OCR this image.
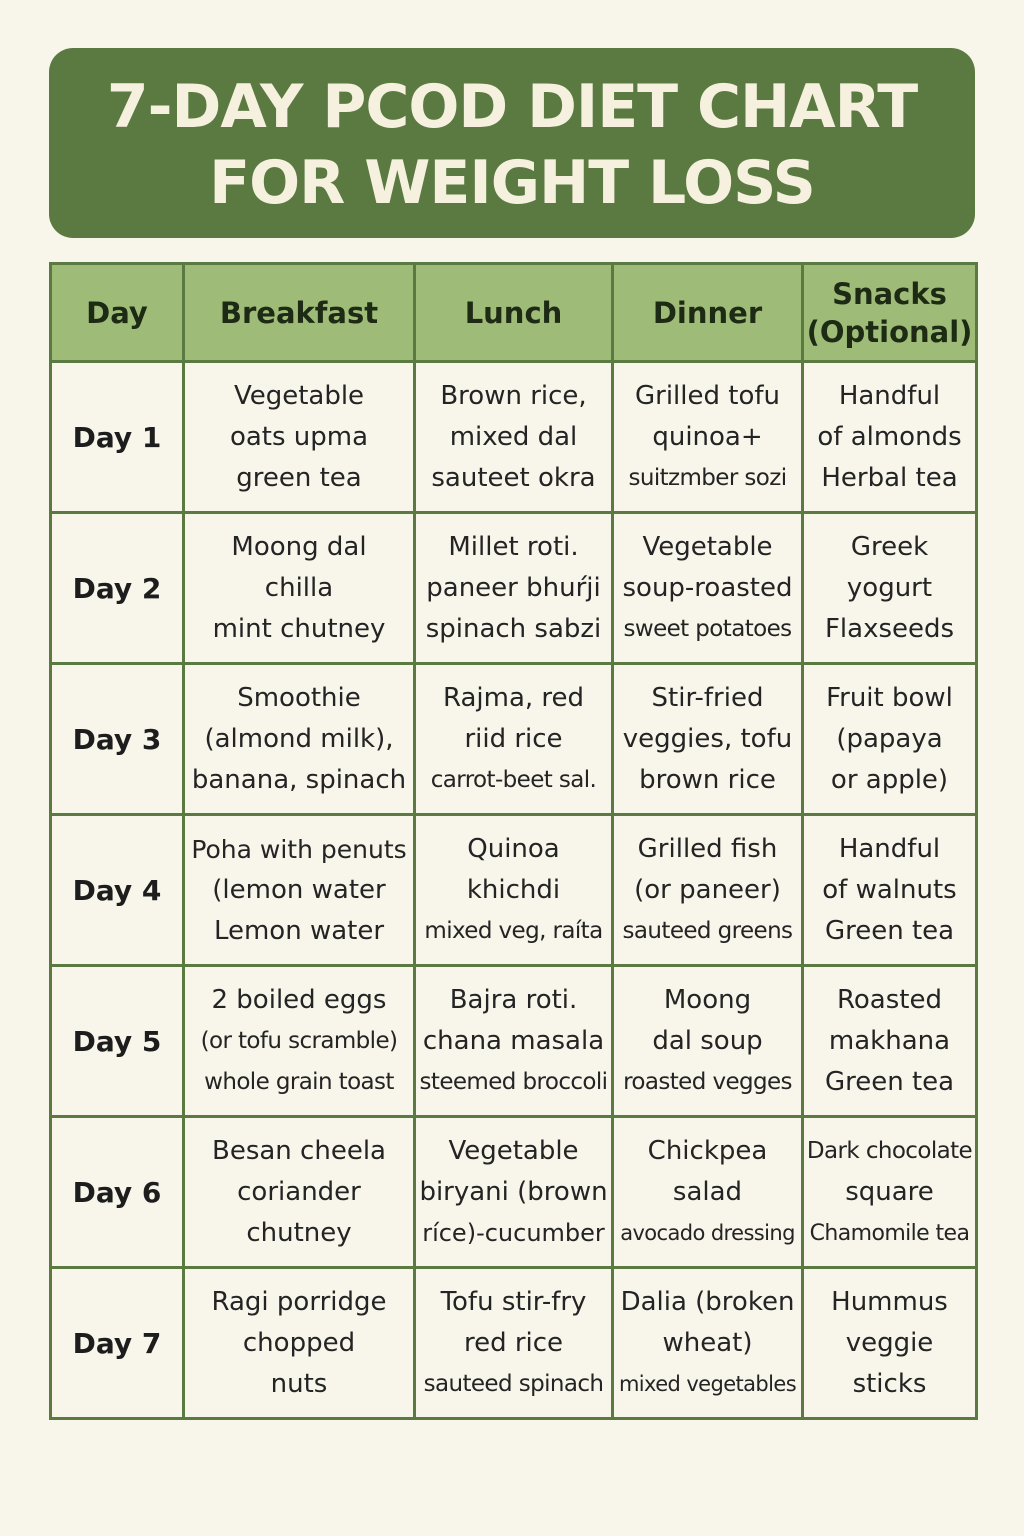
7-DAY PCOD DIET CHART
FOR WEIGHT LOSS
Day	Breakfast	Lunch	Dinner	Snacks
(Optional)
Day 1	Vegetable
oats upma
green tea	Brown rice,
mixed dal
sauteet okra	Grilled tofu
quinoa+
suitzmber sozi	Handful
of almonds
Herbal tea

Day 2	Moong dal
chilla
mint chutney	Millet roti.
paneer bhuŕji
spinach sabzi	Vegetable
soup-roasted
sweet potatoes	Greek
yogurt
Flaxseeds

Day 3	Smoothie
(almond milk),
banana, spinach	Rajma, red
riid rice
carrot-beet sal.	Stir-fried
veggies, tofu
brown rice	Fruit bowl
(papaya
or apple)

Day 4	Poha with penuts
(lemon water
Lemon water	Quinoa
khichdi
mixed veg, raíta	Grilled fish
(or paneer)
sauteed greens	Handful
of walnuts
Green tea

Day 5	2 boiled eggs
(or tofu scramble)
whole grain toast	Bajra roti.
chana masala
steemed broccoli	Moong
dal soup
roasted vegges	Roasted
makhana
Green tea

Day 6	Besan cheela
coriander
chutney	Vegetable
biryani (brown
ríce)-cucumber	Chickpea
salad
avocado dressing	Dark chocolate
square
Chamomile tea

Day 7	Ragi porridge
chopped
nuts	Tofu stir-fry
red rice
sauteed spinach	Dalia (broken
wheat)
mixed vegetables	Hummus
veggie
sticks
